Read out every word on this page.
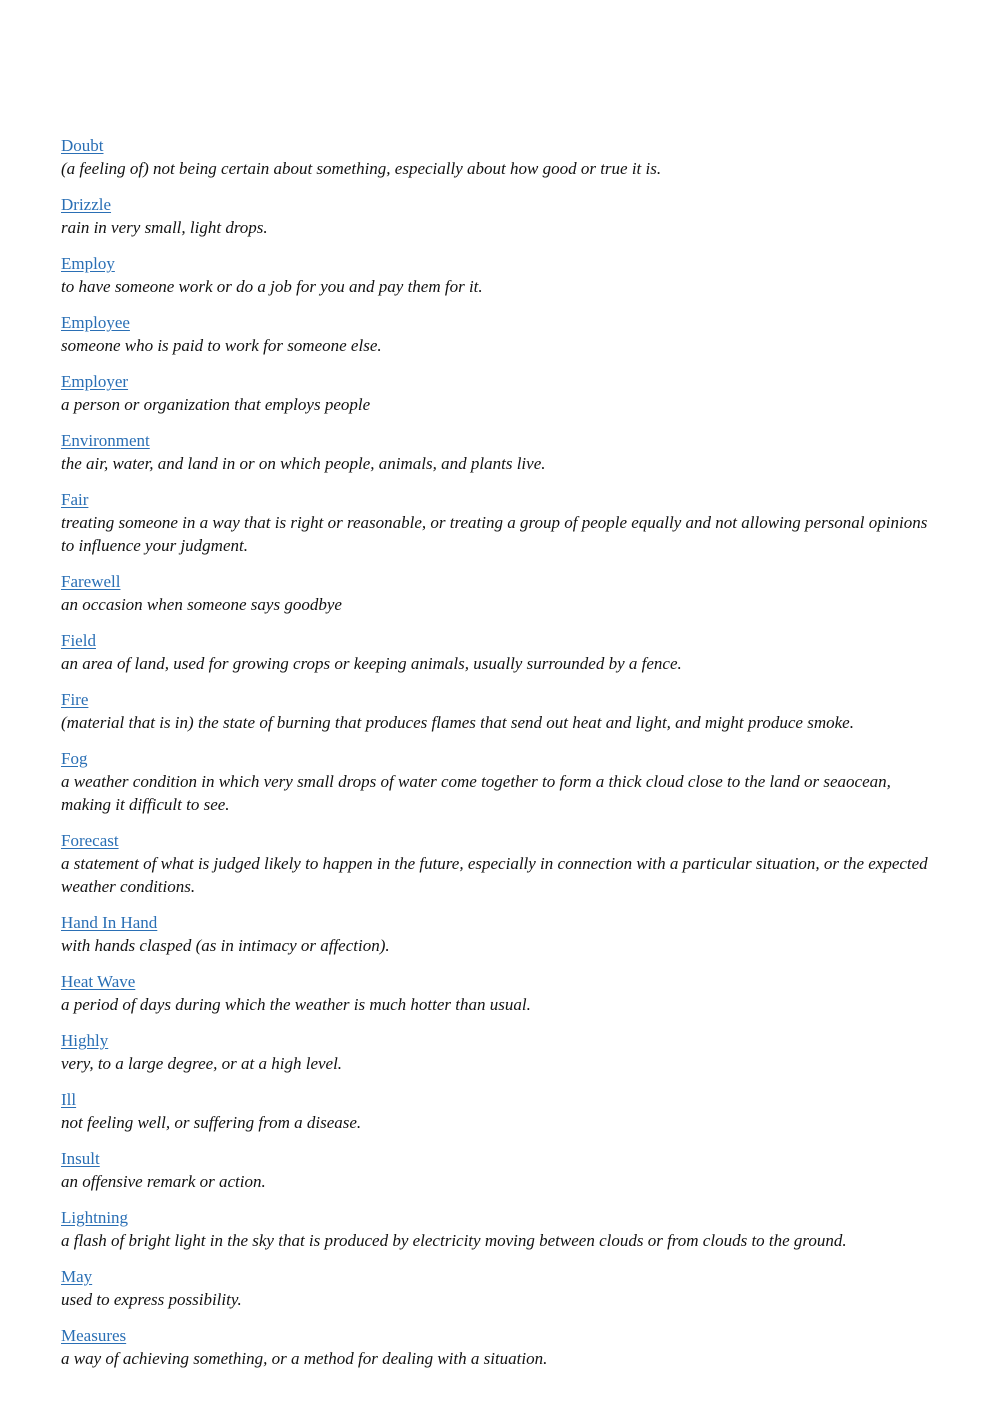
Doubt
(a feeling of) not being certain about something, especially about how good or true it is.
Drizzle
rain in very small, light drops.
Employ
to have someone work or do a job for you and pay them for it.
Employee
someone who is paid to work for someone else.
Employer
a person or organization that employs people
Environment
the air, water, and land in or on which people, animals, and plants live.
Fair
treating someone in a way that is right or reasonable, or treating a group of people equally and not allowing personal opinions to influence your judgment.
Farewell
an occasion when someone says goodbye
Field
an area of land, used for growing crops or keeping animals, usually surrounded by a fence.
Fire
(material that is in) the state of burning that produces flames that send out heat and light, and might produce smoke.
Fog
a weather condition in which very small drops of water come together to form a thick cloud close to the land or seaocean, making it difficult to see.
Forecast
a statement of what is judged likely to happen in the future, especially in connection with a particular situation, or the expected weather conditions.
Hand In Hand
with hands clasped (as in intimacy or affection).
Heat Wave
a period of days during which the weather is much hotter than usual.
Highly
very, to a large degree, or at a high level.
Ill
not feeling well, or suffering from a disease.
Insult
an offensive remark or action.
Lightning
a flash of bright light in the sky that is produced by electricity moving between clouds or from clouds to the ground.
May
used to express possibility.
Measures
a way of achieving something, or a method for dealing with a situation.
